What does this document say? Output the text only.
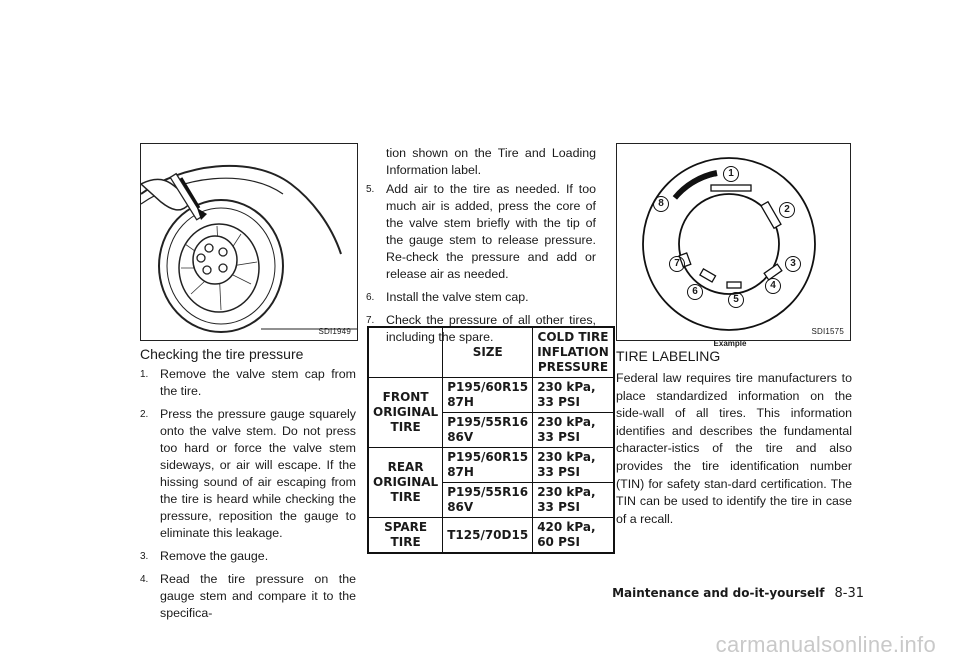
SDI1949
Checking the tire pressure
1. Remove the valve stem cap from the tire.
2. Press the pressure gauge squarely onto the valve stem. Do not press too hard or force the valve stem sideways, or air will escape. If the hissing sound of air escaping from the tire is heard while checking the pressure, reposition the gauge to eliminate this leakage.
3. Remove the gauge.
4. Read the tire pressure on the gauge stem and compare it to the specifica-
tion shown on the Tire and Loading Information label.
5. Add air to the tire as needed. If too much air is added, press the core of the valve stem briefly with the tip of the gauge stem to release pressure. Re-check the pressure and add or release air as needed.
6. Install the valve stem cap.
7. Check the pressure of all other tires, including the spare.
	SIZE	COLD TIRE INFLATION PRESSURE
FRONT ORIGINAL TIRE	P195/60R15 87H	230 kPa, 33 PSI
	P195/55R16 86V	230 kPa, 33 PSI
REAR ORIGINAL TIRE	P195/60R15 87H	230 kPa, 33 PSI
	P195/55R16 86V	230 kPa, 33 PSI
SPARE TIRE	T125/70D15	420 kPa, 60 PSI
1
2
3
4
5
6
7
8
SDI1575
Example
TIRE LABELING

Federal law requires tire manufacturers to place standardized information on the side-wall of all tires. This information identifies and describes the fundamental character-istics of the tire and also provides the tire identification number (TIN) for safety stan-dard certification. The TIN can be used to identify the tire in case of a recall.

Maintenance and do-it-yourself 8-31
carmanualsonline.info
